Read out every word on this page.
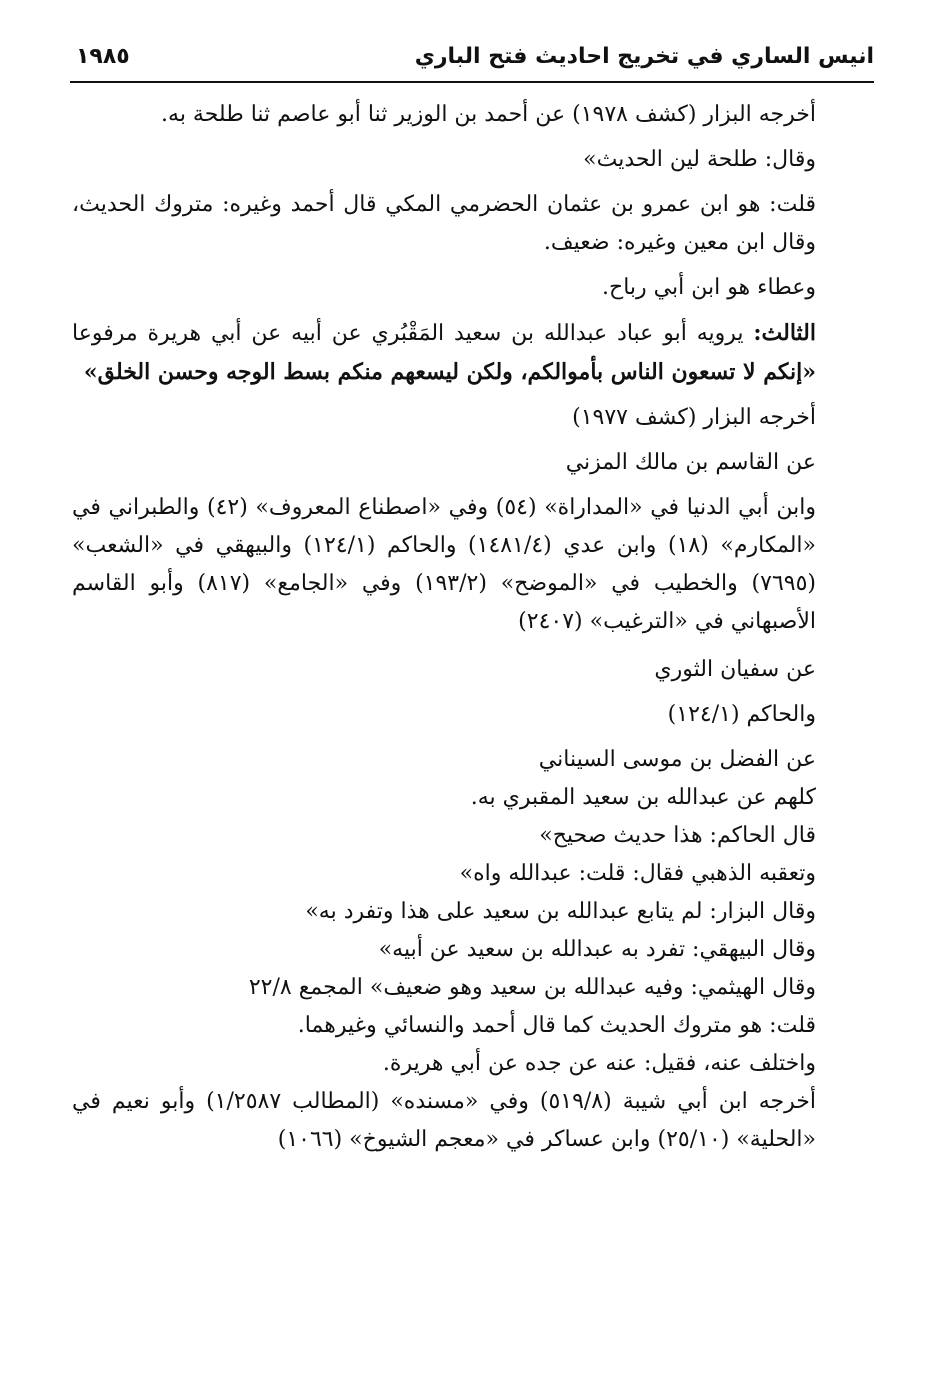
انيس الساري في تخريج احاديث فتح الباري
١٩٨٥

أخرجه البزار (كشف ١٩٧٨) عن أحمد بن الوزير ثنا أبو عاصم ثنا طلحة به.

وقال: طلحة لين الحديث»

قلت: هو ابن عمرو بن عثمان الحضرمي المكي قال أحمد وغيره: متروك الحديث، وقال ابن معين وغيره: ضعيف.

وعطاء هو ابن أبي رباح.

الثالث: يرويه أبو عباد عبدالله بن سعيد المَقْبُري عن أبيه عن أبي هريرة مرفوعا «إنكم لا تسعون الناس بأموالكم، ولكن ليسعهم منكم بسط الوجه وحسن الخلق»

أخرجه البزار (كشف ١٩٧٧)

عن القاسم بن مالك المزني

وابن أبي الدنيا في «المداراة» (٥٤) وفي «اصطناع المعروف» (٤٢) والطبراني في «المكارم» (١٨) وابن عدي (١٤٨١/٤) والحاكم (١٢٤/١) والبيهقي في «الشعب» (٧٦٩٥) والخطيب في «الموضح» (١٩٣/٢) وفي «الجامع» (٨١٧) وأبو القاسم الأصبهاني في «الترغيب» (٢٤٠٧)

عن سفيان الثوري

والحاكم (١٢٤/١)

عن الفضل بن موسى السيناني

كلهم عن عبدالله بن سعيد المقبري به.

قال الحاكم: هذا حديث صحيح»

وتعقبه الذهبي فقال: قلت: عبدالله واه»

وقال البزار: لم يتابع عبدالله بن سعيد على هذا وتفرد به»

وقال البيهقي: تفرد به عبدالله بن سعيد عن أبيه»

وقال الهيثمي: وفيه عبدالله بن سعيد وهو ضعيف» المجمع ٢٢/٨

قلت: هو متروك الحديث كما قال أحمد والنسائي وغيرهما.

واختلف عنه، فقيل: عنه عن جده عن أبي هريرة.

أخرجه ابن أبي شيبة (٥١٩/٨) وفي «مسنده» (المطالب ١/٢٥٨٧) وأبو نعيم في «الحلية» (٢٥/١٠) وابن عساكر في «معجم الشيوخ» (١٠٦٦)
